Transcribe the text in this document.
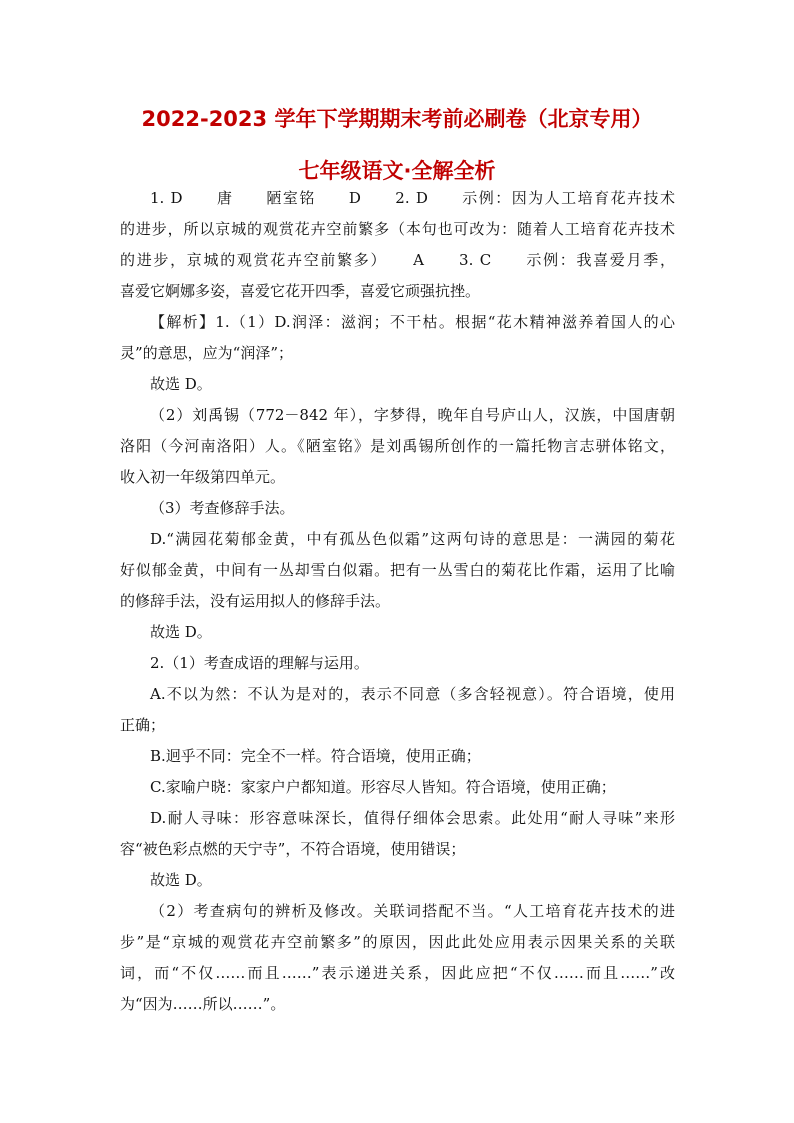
2022-2023 学年下学期期末考前必刷卷（北京专用）
七年级语文·全解全析
1. D　　唐　　陋室铭　　D　　2. D　　示例：因为人工培育花卉技术
的进步，所以京城的观赏花卉空前繁多（本句也可改为：随着人工培育花卉技术
的进步，京城的观赏花卉空前繁多）　　A　　3. C　　示例：我喜爱月季，
喜爱它婀娜多姿，喜爱它花开四季，喜爱它顽强抗挫。
【解析】1.（1）D.润泽：滋润；不干枯。根据“花木精神滋养着国人的心
灵”的意思，应为“润泽”；
故选 D。
（2）刘禹锡（772－842 年），字梦得，晚年自号庐山人，汉族，中国唐朝
洛阳（今河南洛阳）人。《陋室铭》是刘禹锡所创作的一篇托物言志骈体铭文，
收入初一年级第四单元。
（3）考查修辞手法。
D.“满园花菊郁金黄，中有孤丛色似霜”这两句诗的意思是：一满园的菊花
好似郁金黄，中间有一丛却雪白似霜。把有一丛雪白的菊花比作霜，运用了比喻
的修辞手法，没有运用拟人的修辞手法。
故选 D。
2.（1）考查成语的理解与运用。
A.不以为然：不认为是对的，表示不同意（多含轻视意）。符合语境，使用
正确；
B.迥乎不同：完全不一样。符合语境，使用正确；
C.家喻户晓：家家户户都知道。形容尽人皆知。符合语境，使用正确；
D.耐人寻味：形容意味深长，值得仔细体会思索。此处用“耐人寻味”来形
容“被色彩点燃的天宁寺”，不符合语境，使用错误；
故选 D。
（2）考查病句的辨析及修改。关联词搭配不当。“人工培育花卉技术的进
步”是“京城的观赏花卉空前繁多”的原因，因此此处应用表示因果关系的关联
词，而“不仅……而且……”表示递进关系，因此应把“不仅……而且……”改
为“因为……所以……”。
